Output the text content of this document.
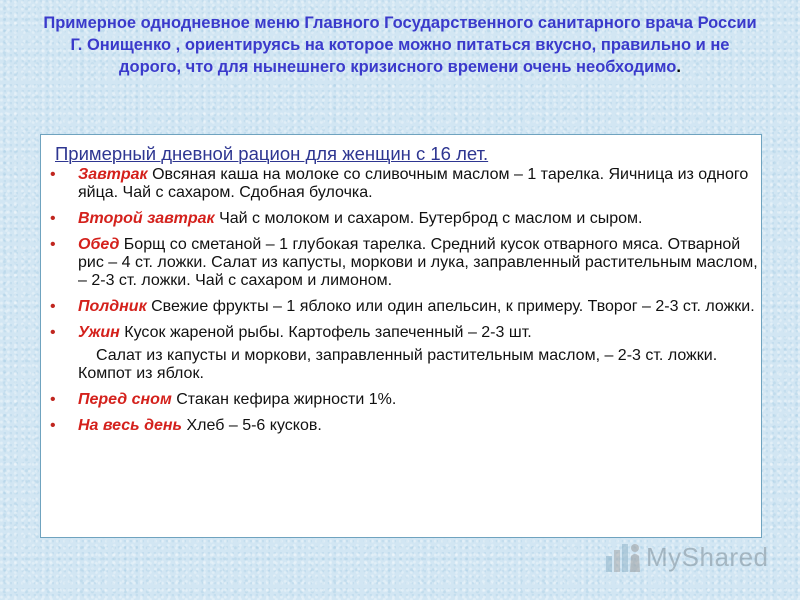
Примерное однодневное меню Главного Государственного санитарного врача России Г. Онищенко , ориентируясь на которое можно питаться вкусно, правильно и не дорого, что для нынешнего кризисного времени очень необходимо.
Примерный дневной рацион для женщин с 16 лет.
• Завтрак Овсяная каша на молоке со сливочным маслом – 1 тарелка. Яичница из одного яйца. Чай с сахаром. Сдобная булочка.
• Второй завтрак Чай с молоком и сахаром. Бутерброд с маслом и сыром.
• Обед Борщ со сметаной – 1 глубокая тарелка. Средний кусок отварного мяса. Отварной рис – 4 ст. ложки. Салат из капусты, моркови и лука, заправленный растительным маслом, – 2-3 ст. ложки. Чай с сахаром и лимоном.
• Полдник Свежие фрукты – 1 яблоко или один апельсин, к примеру. Творог – 2-3 ст. ложки.
• Ужин Кусок жареной рыбы. Картофель запеченный – 2-3 шт.
Салат из капусты и моркови, заправленный растительным маслом, – 2-3 ст. ложки. Компот из яблок.
• Перед сном Стакан кефира жирности 1%.
• На весь день Хлеб – 5-6 кусков.
MyShared
